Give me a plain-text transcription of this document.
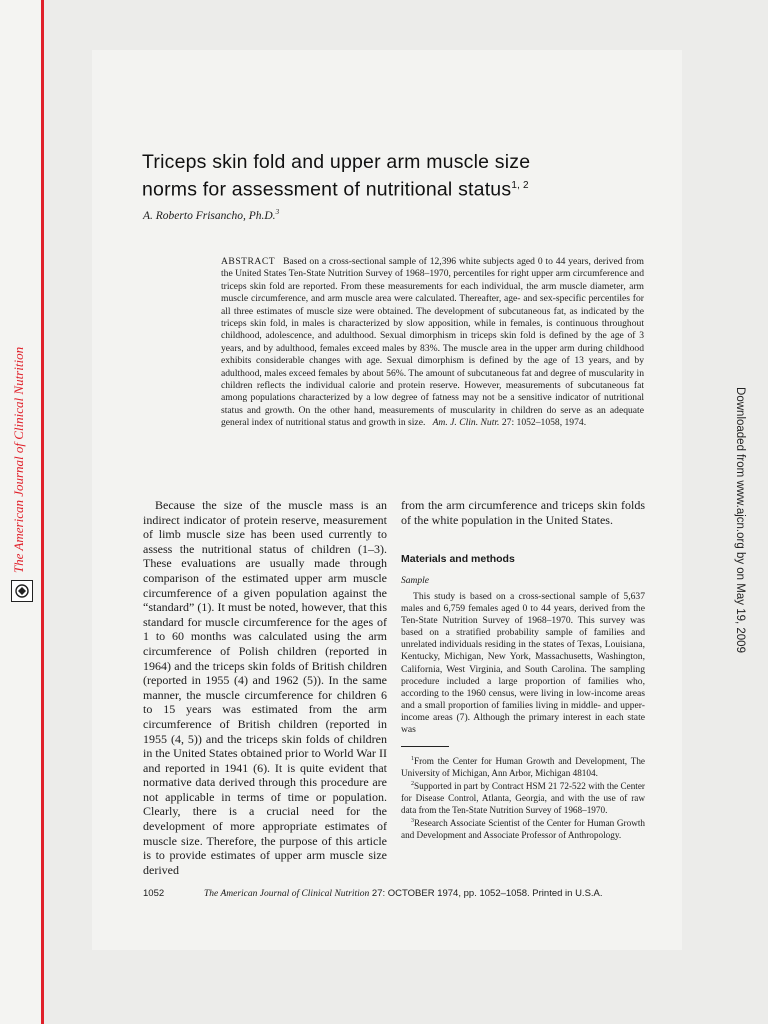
The American Journal of Clinical Nutrition	Downloaded from www.ajcn.org by on May 19, 2009
Triceps skin fold and upper arm muscle size
norms for assessment of nutritional status$^{1, 2}$
A. Roberto Frisancho, Ph.D.$^3$
ABSTRACT Based on a cross-sectional sample of 12,396 white subjects aged 0 to 44 years, derived from the United States Ten-State Nutrition Survey of 1968–1970, percentiles for right upper arm circumference and triceps skin fold are reported. From these measurements for each individual, the arm muscle diameter, arm muscle circumference, and arm muscle area were calculated. Thereafter, age- and sex-specific percentiles for all three estimates of muscle size were obtained. The development of subcutaneous fat, as indicated by the triceps skin fold, in males is characterized by slow apposition, while in females, is continuous throughout childhood, adolescence, and adulthood. Sexual dimorphism in triceps skin fold is defined by the age of 3 years, and by adulthood, females exceed males by 83%. The muscle area in the upper arm during childhood exhibits considerable changes with age. Sexual dimorphism is defined by the age of 13 years, and by adulthood, males exceed females by about 56%. The amount of subcutaneous fat and degree of muscularity in children reflects the individual calorie and protein reserve. However, measurements of subcutaneous fat among populations characterized by a low degree of fatness may not be a sensitive indicator of nutritional status and growth. On the other hand, measurements of muscularity in children do serve as an adequate general index of nutritional status and growth in size. Am. J. Clin. Nutr. 27: 1052–1058, 1974.
Because the size of the muscle mass is an indirect indicator of protein reserve, measurement of limb muscle size has been used currently to assess the nutritional status of children (1–3). These evaluations are usually made through comparison of the estimated upper arm muscle circumference of a given population against the “standard” (1). It must be noted, however, that this standard for muscle circumference for the ages of 1 to 60 months was calculated using the arm circumference of Polish children (reported in 1964) and the triceps skin folds of British children (reported in 1955 (4) and 1962 (5)). In the same manner, the muscle circumference for children 6 to 15 years was estimated from the arm circumference of British children (reported in 1955 (4, 5)) and the triceps skin folds of children in the United States obtained prior to World War II and reported in 1941 (6). It is quite evident that normative data derived through this procedure are not applicable in terms of time or population. Clearly, there is a crucial need for the development of more appropriate estimates of muscle size. Therefore, the purpose of this article is to provide estimates of upper arm muscle size derived
from the arm circumference and triceps skin folds of the white population in the United States.
Materials and methods
Sample
This study is based on a cross-sectional sample of 5,637 males and 6,759 females aged 0 to 44 years, derived from the Ten-State Nutrition Survey of 1968–1970. This survey was based on a stratified probability sample of families and unrelated individuals residing in the states of Texas, Louisiana, Kentucky, Michigan, New York, Massachusetts, Washington, California, West Virginia, and South Carolina. The sampling procedure included a large proportion of families who, according to the 1960 census, were living in low-income areas and a small proportion of families living in middle- and upper-income areas (7). Although the primary interest in each state was

$^1$From the Center for Human Growth and Development, The University of Michigan, Ann Arbor, Michigan 48104.

$^2$Supported in part by Contract HSM 21 72-522 with the Center for Disease Control, Atlanta, Georgia, and with the use of raw data from the Ten-State Nutrition Survey of 1968–1970.

$^3$Research Associate Scientist of the Center for Human Growth and Development and Associate Professor of Anthropology.

1052	The American Journal of Clinical Nutrition 27: OCTOBER 1974, pp. 1052–1058. Printed in U.S.A.
